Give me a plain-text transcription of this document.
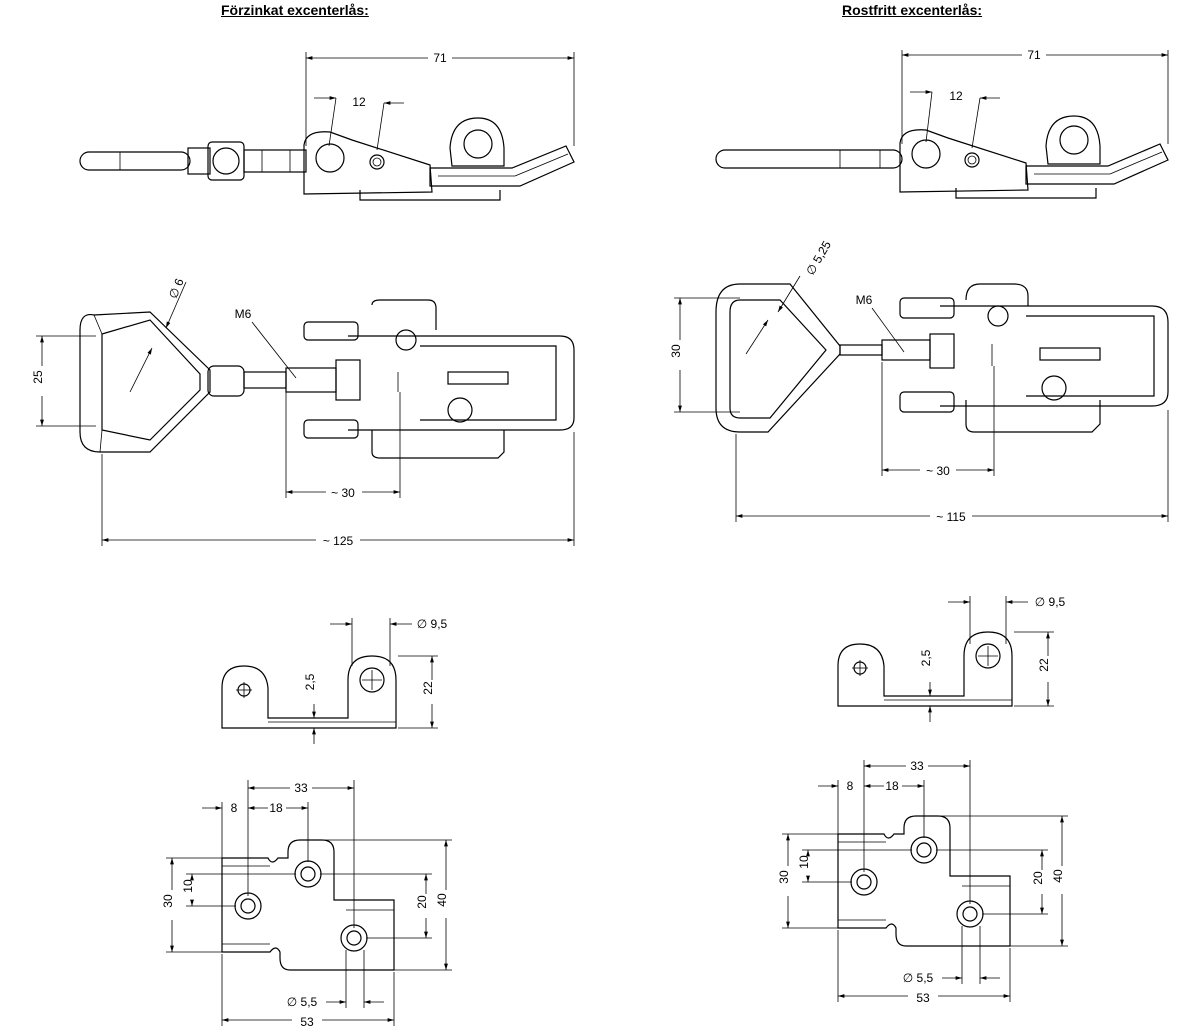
Förzinkat excenterlås:	Rostfritt excenterlås:
71
12
25
∅ 6
M6
~ 30
~ 125
∅ 9,5
22
2,5
33
8	18
30
10
20 40
∅ 5,5
53
71
12
30
∅ 5,25
M6
~ 30
~ 115
∅ 9,5
22
2,5
33
8	18
30
10
20 40
∅ 5,5
53
